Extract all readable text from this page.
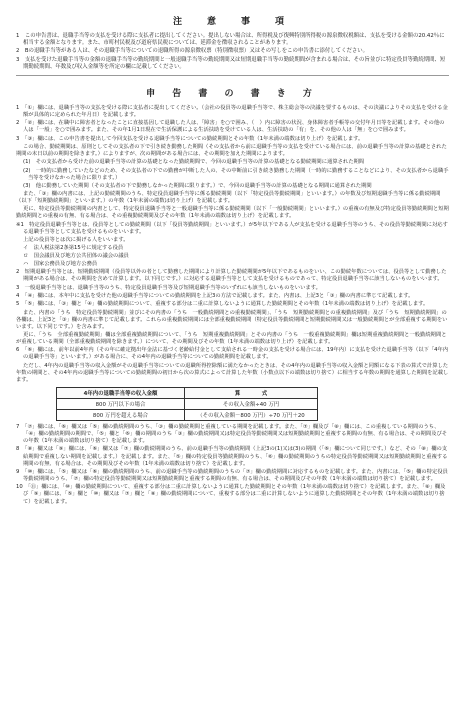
注　意　事　項

1　この申告書は、退職手当等の支払を受ける際に支払者に提出してください。提出しない場合は、所得税及び復興特別所得税の源泉徴収税額は、支払を受ける金額の20.42％に相当する金額となります。また、市町村民税及び道府県民税については、延滞金を徴収されることがあります。

2　Bの退職手当等がある人は、その退職手当等についての退職所得の源泉徴収票（特別徴収票）又はその写しをこの申告書に添付してください。

3　支払を受けた退職手当等の金額の退職手当等の勤続期間と一般退職手当等の勤続期間又は短期退職手当等の勤続期間が含まれる場合は、その旨並びに特定役員等勤続期間、短期勤続期間、年数及び収入金額等を所定の欄に記載してください。

申 告 書 の 書 き 方

1　「①」欄には、退職手当等の支払を受ける際に支払者に提出してください。（会社の役員等の退職手当等で、株主総会等の決議を要するものは、その決議によりその支払を受ける金額が具体的に定められた年月日）を記載します。

2　「②」欄には、在職中に障害者となったことに直接基因して退職した人は、「障害」を○で囲み、（　）内に障害の状況、身体障害者手帳等の交付年月日等を記載します。その他の人は「一般」を○で囲みます。また、その年1月1日現在で生活保護による生活扶助を受けている人は、生活扶助の「有」を、その他の人は「無」を○で囲みます。

3　「③」欄には、この申告書を提出して今回支払を受ける退職手当等についての勤続期間とその年数（1年未満の端数は切り上げ）を記載します。

この場合、勤続期間は、原則としてその支払者の下で引き続き勤務した期間（その支払者から前に退職手当等の支払を受けている場合には、前の退職手当等の計算の基礎とされた期間の末日以前の期間を除きます。）によりますが、次の期間がある場合には、その期間を加えた期間によります。

(1)　その支払者から受けた前の退職手当等の計算の基礎となった勤続期間で、今回の退職手当等の計算の基礎となる勤続期間に通算された期間

(2)　一時的に勤務していたなどのため、その支払者の下での勤務が中断した人の、その中断前に引き続き勤務した期間（一時的に勤務することなどにより、その支払者から退職手当等を受けなかった場合に限ります。）

(3)　他に勤務していた期間（その支払者の下で勤務しなかった期間に限ります。）で、今回の退職手当等の計算の基礎となる期間に通算された期間

また、「③」欄の内書には、上記の勤続期間のうち、特定役員退職手当等に係る勤続期間（以下「特定役員等勤続期間」といいます。）の年数及び短期退職手当等に係る勤続期間（以下「短期勤続期間」といいます。）の年数（1年未満の端数は切り上げ）を記載します。

更に、特定役員等勤続期間の内書として、特定役員退職手当等と一般退職手当等に係る勤続期間（以下「一般勤続期間」といいます。）の重複の有無及び特定役員等勤続期間と短期勤続期間との重複の有無、有る場合は、その重複勤続期間及びその年数（1年未満の端数は切り上げ）を記載します。

※1　特定役員退職手当等とは、役員等としての勤続期間（以下「役員等勤続期間」といいます。）が5年以下である人が支払を受ける退職手当等のうち、その役員等勤続期間に対応する退職手当等として支払を受けるものをいいます。

上記の役員等とは次に掲げる人をいいます。

イ　法人税法第2条第15号に規定する役員

ロ　国会議員及び地方公共団体の議会の議員

ハ　国家公務員及び地方公務員

2　短期退職手当等とは、短期勤続期間（役員等以外の者として勤務した期間により計算した勤続期間が5年以下であるものをいい、この勤続年数については、役員等として勤務した期間がある場合は、その期間を含めて計算します。以下同じです。）に対応する退職手当等として支払を受けるものであって、特定役員退職手当等に該当しないものをいいます。

3　一般退職手当等とは、退職手当等のうち、特定役員退職手当等及び短期退職手当等のいずれにも該当しないものをいいます。

4　「④」欄には、本年中に支払を受けた他の退職手当等についての勤続期間を上記3の方法で記載します。また、内書は、上記3と「③」欄の内書に準じて記載します。

5　「⑤」欄には、「③」欄と「④」欄の勤続期間について、重複する部分は二重に計算しないように通算した勤続期間とその年数（1年未満の端数は切り上げ）を記載します。

また、内書の「うち　特定役員等勤続期間」並びにその内書の「うち　一般勤続期間との重複勤続期間」、「うち　短期勤続期間との重複勤続期間」及び「うち　短期勤続期間」の各欄は、上記3と「③」欄の内書に準じて記載します。これらの重複勤続期間には全部重複勤続期間（特定役員等勤続期間と短期勤続期間又は一般勤続期間とが全部重複する期間をいいます。以下同じです。）を含みます。

更に、「うち　全部重複勤続期間」欄は全部重複勤続期間について、「うち　短期重複勤続期間」とその内書の「うち　一般重複勤続期間」欄は短期重複勤続期間と一般勤続期間とが重複している期間（全部重複勤続期間を除きます。）について、その期間及びその年数（1年未満の端数は切り上げ）を記載します。

6　「⑥」欄には、前年以前4年内（その年に確定拠出年金法に基づく老齢給付金として支給される一時金の支払を受ける場合には、19年内）に支払を受けた退職手当等（以下「4年内の退職手当等」といいます。）がある場合に、その4年内の退職手当等についての勤続期間を記載します。

ただし、4年内の退職手当等の収入金額がその退職手当等についての退職所得控除額に満たなかったときは、その4年内の退職手当等の収入金額と同額になる下表の算式で計算した年数の期間と、その4年内の退職手当等についての勤続期間の初日から次の算式によって計算した年数（小数点以下の端数は切り捨て）に相当する年数の期間を通算した期間を記載します。

4年内の退職手当等の収入金額	算　　　　式
800 万円以下の場合	その収入金額÷40 万円
800 万円を超える場合	（その収入金額－800 万円）÷70 万円＋20

7　「⑦」欄には、「⑥」欄又は「⑤」欄の勤続期間のうち、「③」欄の勤続期間と重複している期間を記載します。また、「⑦」欄及び「⑧」欄には、この重複している期間のうち、「④」欄の勤続期間の期間で、「⑤」欄と「⑥」欄の期間のうち「③」欄の勤続期間又は特定役員等勤続期間又は短期勤続期間と重複する期間の有無、有る場合は、その期間及びその年数（1年未満の端数は切り捨て）を記載します。

8　「⑧」欄又は「⑨」欄には、「⑥」欄又は「⑦」欄の勤続期間のうち、前の退職手当等の勤続期間（上記3の(1)又は(3)の期間（「⑥」欄について同じです。）など、その「⑧」欄の支給期間で重複しない期間を記載します。）を記載します。また、「⑤」欄の特定役員等勤続期間のうち、「⑥」欄の勤続期間のうちの特定役員等勤続期間又は短期勤続期間と重複する期間の有無、有る場合は、その期間及びその年数（1年未満の端数は切り捨て）を記載します。

9　「⑩」欄には、「⑤」欄又は「⑥」欄の勤続期間のうち、前の退職手当等の勤続期間のうちの「⑦」欄の勤続期間に対応するものを記載します。また、内書には、「⑤」欄の特定役員等勤続期間のうち、「⑦」欄の特定役員等勤続期間又は短期勤続期間と重複する期間の有無、有る場合は、その期間及びその年数（1年未満の端数は切り捨て）を記載します。

10　「⑪」欄には、「⑩」欄の勤続期間について、重複する部分は二重に計算しないように通算した勤続期間とその年数（1年未満の端数は切り捨て）を記載します。また、「⑧」欄及び「⑨」欄には、「⑤」欄と「⑩」欄又は「⑦」欄と「⑧」欄の勤続期間について、重複する部分は二重に計算しないように通算した勤続期間とその年数（1年未満の端数は切り捨て）を記載します。
